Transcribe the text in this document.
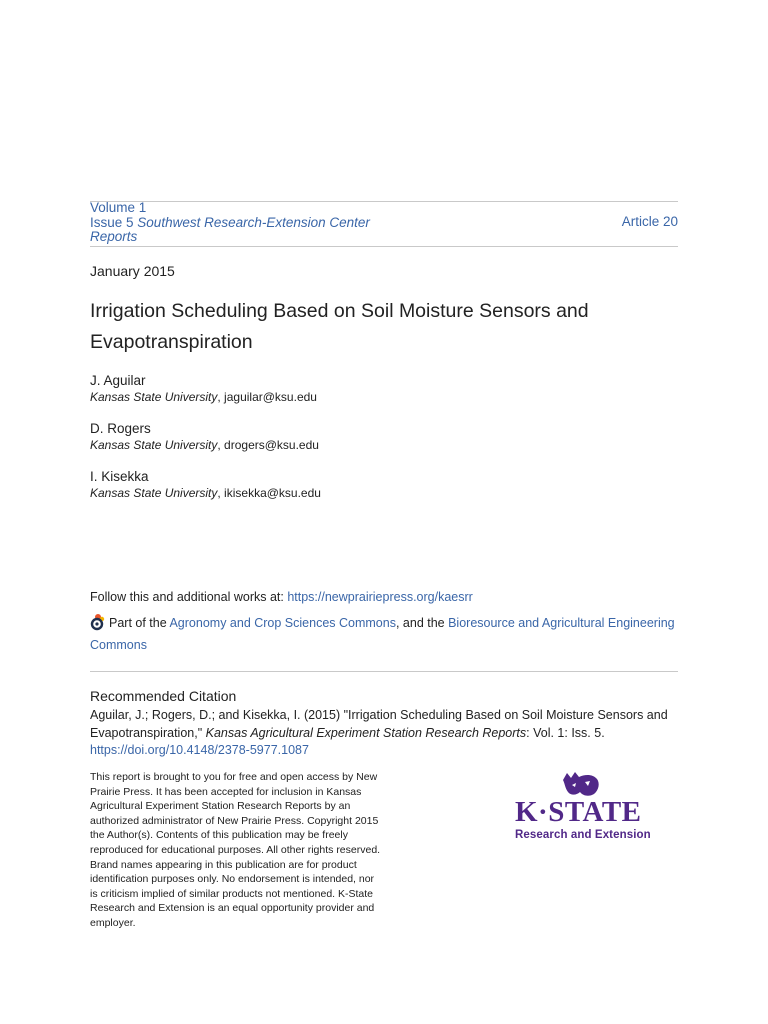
Volume 1
Issue 5 Southwest Research-Extension Center
Reports
Article 20
January 2015
Irrigation Scheduling Based on Soil Moisture Sensors and
Evapotranspiration
J. Aguilar
Kansas State University, jaguilar@ksu.edu
D. Rogers
Kansas State University, drogers@ksu.edu
I. Kisekka
Kansas State University, ikisekka@ksu.edu
Follow this and additional works at: https://newprairiepress.org/kaesrr
Part of the Agronomy and Crop Sciences Commons, and the Bioresource and Agricultural Engineering
Commons
Recommended Citation
Aguilar, J.; Rogers, D.; and Kisekka, I. (2015) "Irrigation Scheduling Based on Soil Moisture Sensors and
Evapotranspiration," Kansas Agricultural Experiment Station Research Reports: Vol. 1: Iss. 5.
https://doi.org/10.4148/2378-5977.1087
This report is brought to you for free and open access by New
Prairie Press. It has been accepted for inclusion in Kansas
Agricultural Experiment Station Research Reports by an
authorized administrator of New Prairie Press. Copyright 2015
the Author(s). Contents of this publication may be freely
reproduced for educational purposes. All other rights reserved.
Brand names appearing in this publication are for product
identification purposes only. No endorsement is intended, nor
is criticism implied of similar products not mentioned. K-State
Research and Extension is an equal opportunity provider and
employer.
K·STATE
Research and Extension
